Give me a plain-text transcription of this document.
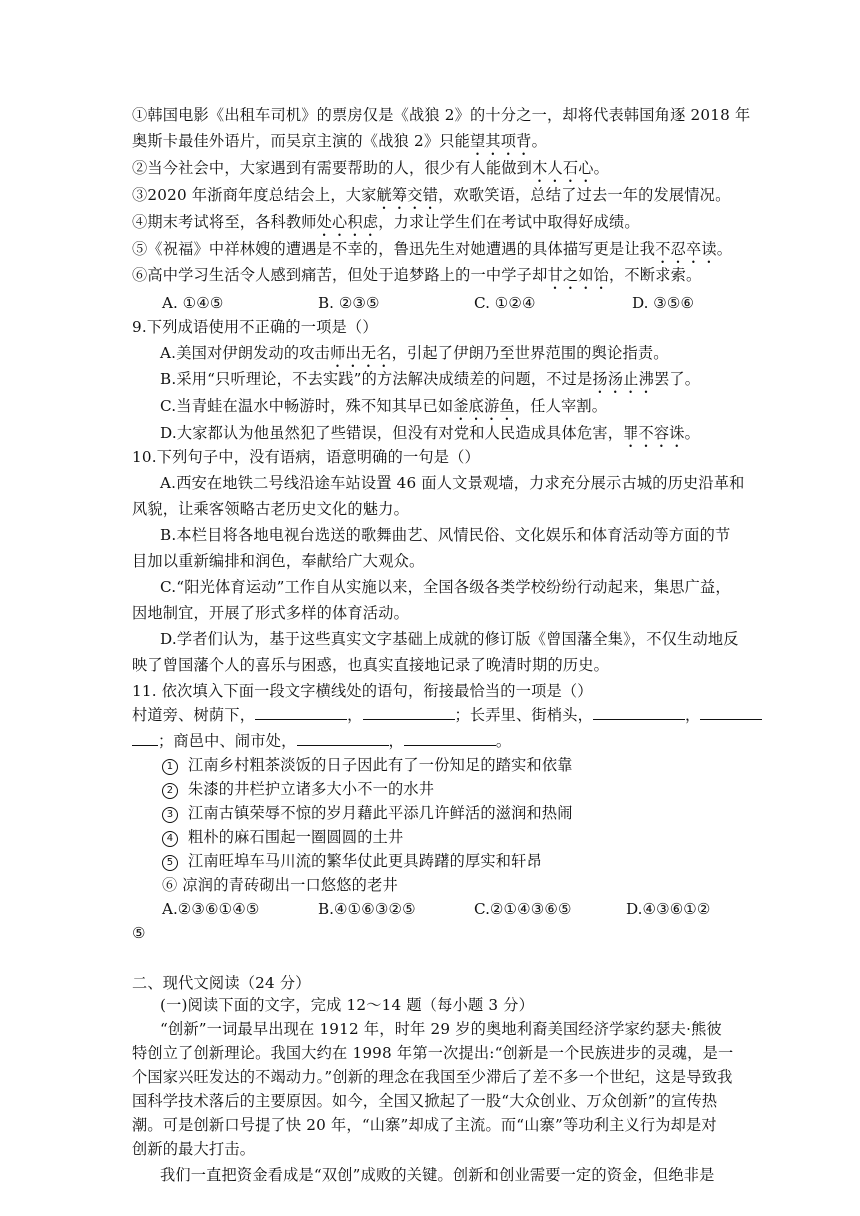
①韩国电影《出租车司机》的票房仅是《战狼 2》的十分之一，却将代表韩国角逐 2018 年
奥斯卡最佳外语片，而吴京主演的《战狼 2》只能望其项背。
②当今社会中，大家遇到有需要帮助的人，很少有人能做到木人石心。
③2020 年浙商年度总结会上，大家觥筹交错，欢歌笑语，总结了过去一年的发展情况。
④期末考试将至，各科教师处心积虑，力求让学生们在考试中取得好成绩。
⑤《祝福》中祥林嫂的遭遇是不幸的，鲁迅先生对她遭遇的具体描写更是让我不忍卒读。
⑥高中学习生活令人感到痛苦，但处于追梦路上的一中学子却甘之如饴，不断求索。
A. ①④⑤	B. ②③⑤	C. ①②④	D. ③⑤⑥
9.下列成语使用不正确的一项是（）
A.美国对伊朗发动的攻击师出无名，引起了伊朗乃至世界范围的舆论指责。
B.采用“只听理论，不去实践”的方法解决成绩差的问题，不过是扬汤止沸罢了。
C.当青蛙在温水中畅游时，殊不知其早已如釜底游鱼，任人宰割。
D.大家都认为他虽然犯了些错误，但没有对党和人民造成具体危害，罪不容诛。
10.下列句子中，没有语病，语意明确的一句是（）
A.西安在地铁二号线沿途车站设置 46 面人文景观墙，力求充分展示古城的历史沿革和
风貌，让乘客领略古老历史文化的魅力。
B.本栏目将各地电视台选送的歌舞曲艺、风情民俗、文化娱乐和体育活动等方面的节
目加以重新编排和润色，奉献给广大观众。
C.“阳光体育运动”工作自从实施以来，全国各级各类学校纷纷行动起来，集思广益，
因地制宜，开展了形式多样的体育活动。
D.学者们认为，基于这些真实文字基础上成就的修订版《曾国藩全集》，不仅生动地反
映了曾国藩个人的喜乐与困惑，也真实直接地记录了晚清时期的历史。
11. 依次填入下面一段文字横线处的语句，衔接最恰当的一项是（）
村道旁、树荫下，	，	；长弄里、街梢头，	，
；商邑中、闹市处，	，	。
1 江南乡村粗茶淡饭的日子因此有了一份知足的踏实和依靠
2 朱漆的井栏护立诸多大小不一的水井
3 江南古镇荣辱不惊的岁月藉此平添几许鲜活的滋润和热闹
4 粗朴的麻石围起一圈圆圆的土井
5 江南旺埠车马川流的繁华仗此更具踌躇的厚实和轩昂
⑥ 凉润的青砖砌出一口悠悠的老井
A.②③⑥①④⑤	B.④①⑥③②⑤	C.②①④③⑥⑤	D.④③⑥①②
⑤
二、现代文阅读（24 分）
(一)阅读下面的文字，完成 12～14 题（每小题 3 分）
“创新”一词最早出现在 1912 年，时年 29 岁的奥地利裔美国经济学家约瑟夫·熊彼
特创立了创新理论。我国大约在 1998 年第一次提出:“创新是一个民族进步的灵魂，是一
个国家兴旺发达的不竭动力。”创新的理念在我国至少滞后了差不多一个世纪，这是导致我
国科学技术落后的主要原因。如今，全国又掀起了一股“大众创业、万众创新”的宣传热
潮。可是创新口号提了快 20 年，“山寨”却成了主流。而“山寨”等功利主义行为却是对
创新的最大打击。
我们一直把资金看成是“双创”成败的关键。创新和创业需要一定的资金，但绝非是
